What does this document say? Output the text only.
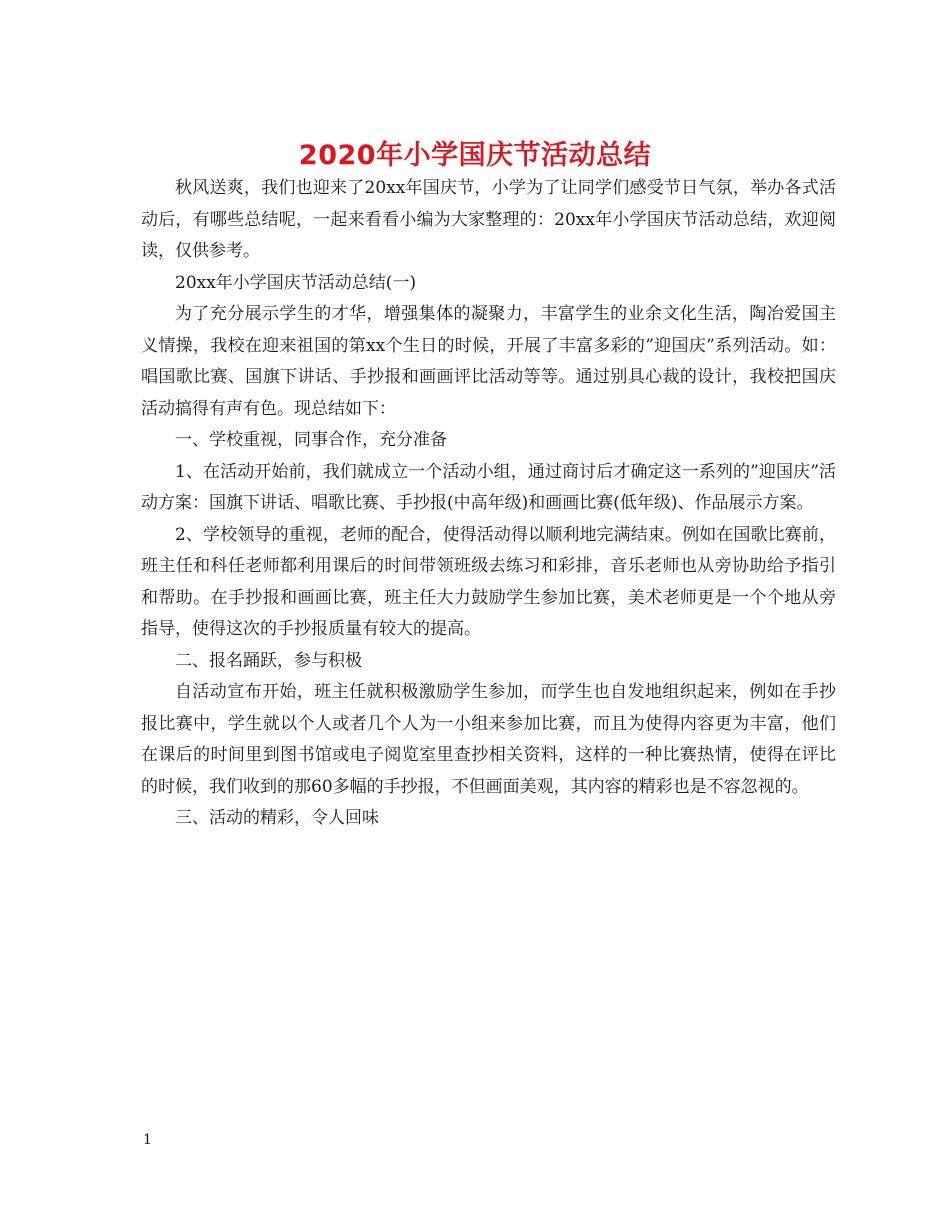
2020年小学国庆节活动总结

秋风送爽，我们也迎来了20xx年国庆节，小学为了让同学们感受节日气氛，举办各式活动后，有哪些总结呢，一起来看看小编为大家整理的：20xx年小学国庆节活动总结，欢迎阅读，仅供参考。

20xx年小学国庆节活动总结(一)

为了充分展示学生的才华，增强集体的凝聚力，丰富学生的业余文化生活，陶冶爱国主义情操，我校在迎来祖国的第xx个生日的时候，开展了丰富多彩的”迎国庆”系列活动。如：唱国歌比赛、国旗下讲话、手抄报和画画评比活动等等。通过别具心裁的设计，我校把国庆活动搞得有声有色。现总结如下：

一、学校重视，同事合作，充分准备

1、在活动开始前，我们就成立一个活动小组，通过商讨后才确定这一系列的”迎国庆”活动方案：国旗下讲话、唱歌比赛、手抄报(中高年级)和画画比赛(低年级)、作品展示方案。

2、学校领导的重视，老师的配合，使得活动得以顺利地完满结束。例如在国歌比赛前，班主任和科任老师都利用课后的时间带领班级去练习和彩排，音乐老师也从旁协助给予指引和帮助。在手抄报和画画比赛，班主任大力鼓励学生参加比赛，美术老师更是一个个地从旁指导，使得这次的手抄报质量有较大的提高。

二、报名踊跃，参与积极

自活动宣布开始，班主任就积极激励学生参加，而学生也自发地组织起来，例如在手抄报比赛中，学生就以个人或者几个人为一小组来参加比赛，而且为使得内容更为丰富，他们在课后的时间里到图书馆或电子阅览室里查抄相关资料，这样的一种比赛热情，使得在评比的时候，我们收到的那60多幅的手抄报，不但画面美观，其内容的精彩也是不容忽视的。

三、活动的精彩，令人回味

1
